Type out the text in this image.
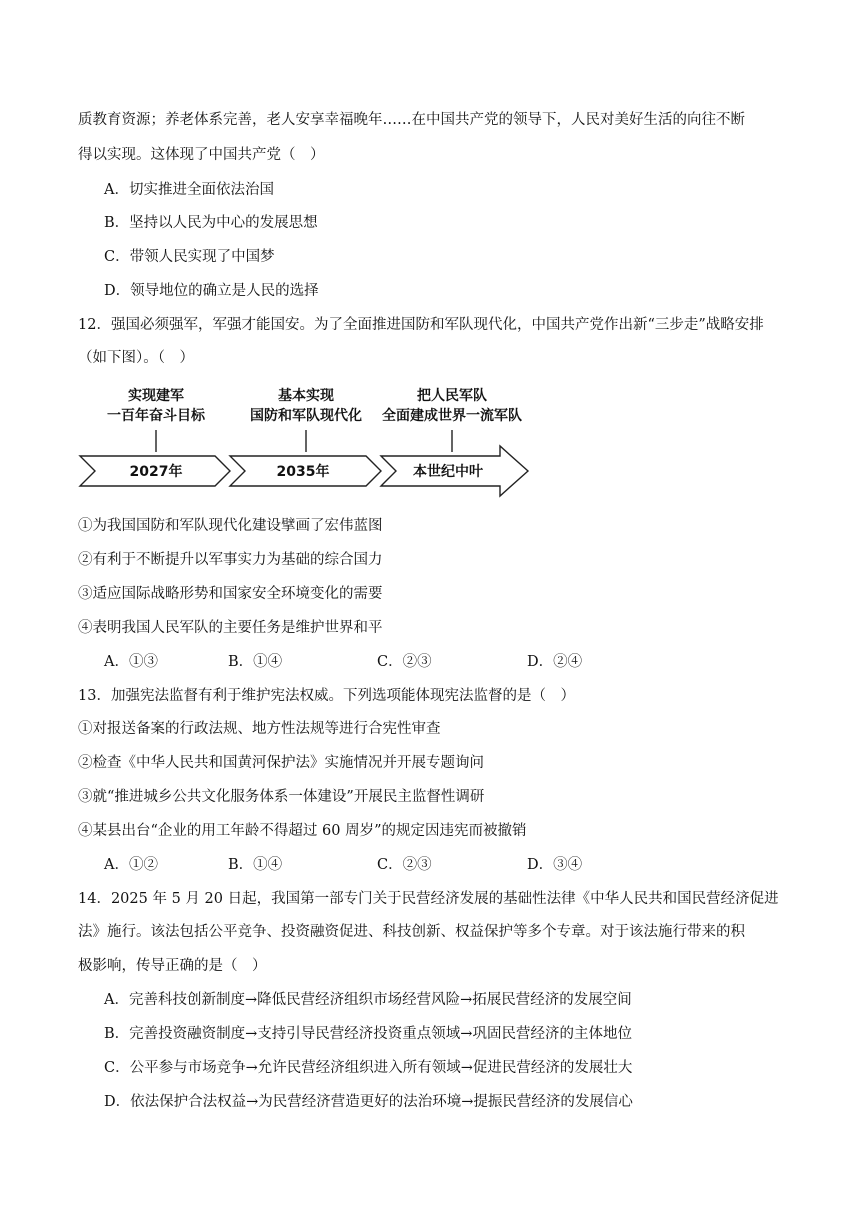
质教育资源；养老体系完善，老人安享幸福晚年……在中国共产党的领导下，人民对美好生活的向往不断
得以实现。这体现了中国共产党（　）
A．切实推进全面依法治国
B．坚持以人民为中心的发展思想
C．带领人民实现了中国梦
D．领导地位的确立是人民的选择
12．强国必须强军，军强才能国安。为了全面推进国防和军队现代化，中国共产党作出新“三步走”战略安排
（如下图）。（　）
实现建军
一百年奋斗目标
基本实现
国防和军队现代化
把人民军队
全面建成世界一流军队
2027年	2035年	本世纪中叶
①为我国国防和军队现代化建设擘画了宏伟蓝图
②有利于不断提升以军事实力为基础的综合国力
③适应国际战略形势和国家安全环境变化的需要
④表明我国人民军队的主要任务是维护世界和平
A．①③	B．①④	C．②③	D．②④
13．加强宪法监督有利于维护宪法权威。下列选项能体现宪法监督的是（　）
①对报送备案的行政法规、地方性法规等进行合宪性审查
②检查《中华人民共和国黄河保护法》实施情况并开展专题询问
③就“推进城乡公共文化服务体系一体建设”开展民主监督性调研
④某县出台“企业的用工年龄不得超过 60 周岁”的规定因违宪而被撤销
A．①②	B．①④	C．②③	D．③④
14．2025 年 5 月 20 日起，我国第一部专门关于民营经济发展的基础性法律《中华人民共和国民营经济促进
法》施行。该法包括公平竞争、投资融资促进、科技创新、权益保护等多个专章。对于该法施行带来的积
极影响，传导正确的是（　）
A．完善科技创新制度→降低民营经济组织市场经营风险→拓展民营经济的发展空间
B．完善投资融资制度→支持引导民营经济投资重点领域→巩固民营经济的主体地位
C．公平参与市场竞争→允许民营经济组织进入所有领域→促进民营经济的发展壮大
D．依法保护合法权益→为民营经济营造更好的法治环境→提振民营经济的发展信心
